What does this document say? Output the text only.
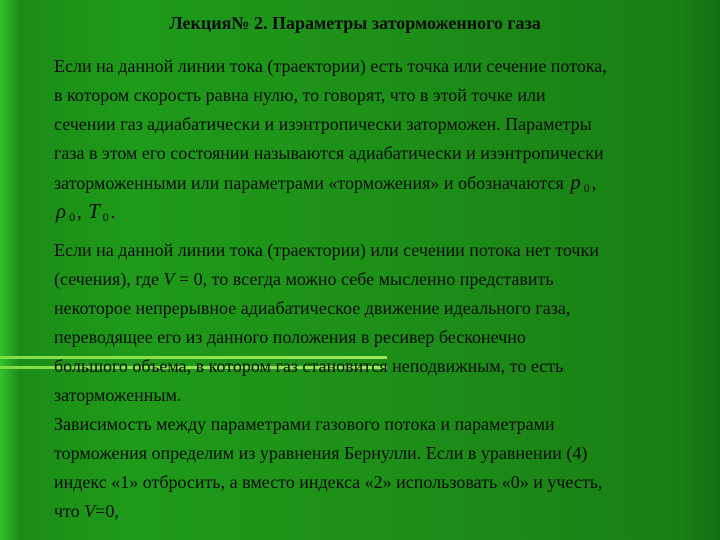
Лекция№ 2. Параметры заторможенного газа
Если на данной линии тока (траектории) есть точка или сечение потока,
в котором скорость равна нулю, то говорят, что в этой точке или
сечении газ адиабатически и изэнтропически заторможен. Параметры
газа в этом его состоянии называются адиабатически и изэнтропически
заторможенными или параметрами «торможения» и обозначаются p $_0$ ,
ρ $_0$ , T $_0$ .
Если на данной линии тока (траектории) или сечении потока нет точки
(сечения), где V = 0, то всегда можно себе мысленно представить
некоторое непрерывное адиабатическое движение идеального газа,
переводящее его из данного положения в ресивер бесконечно
большого объема, в котором газ становится неподвижным, то есть
заторможенным.
Зависимость между параметрами газового потока и параметрами
торможения определим из уравнения Бернулли. Если в уравнении (4)
индекс «1» отбросить, а вместо индекса «2» использовать «0» и учесть,
что V=0,
